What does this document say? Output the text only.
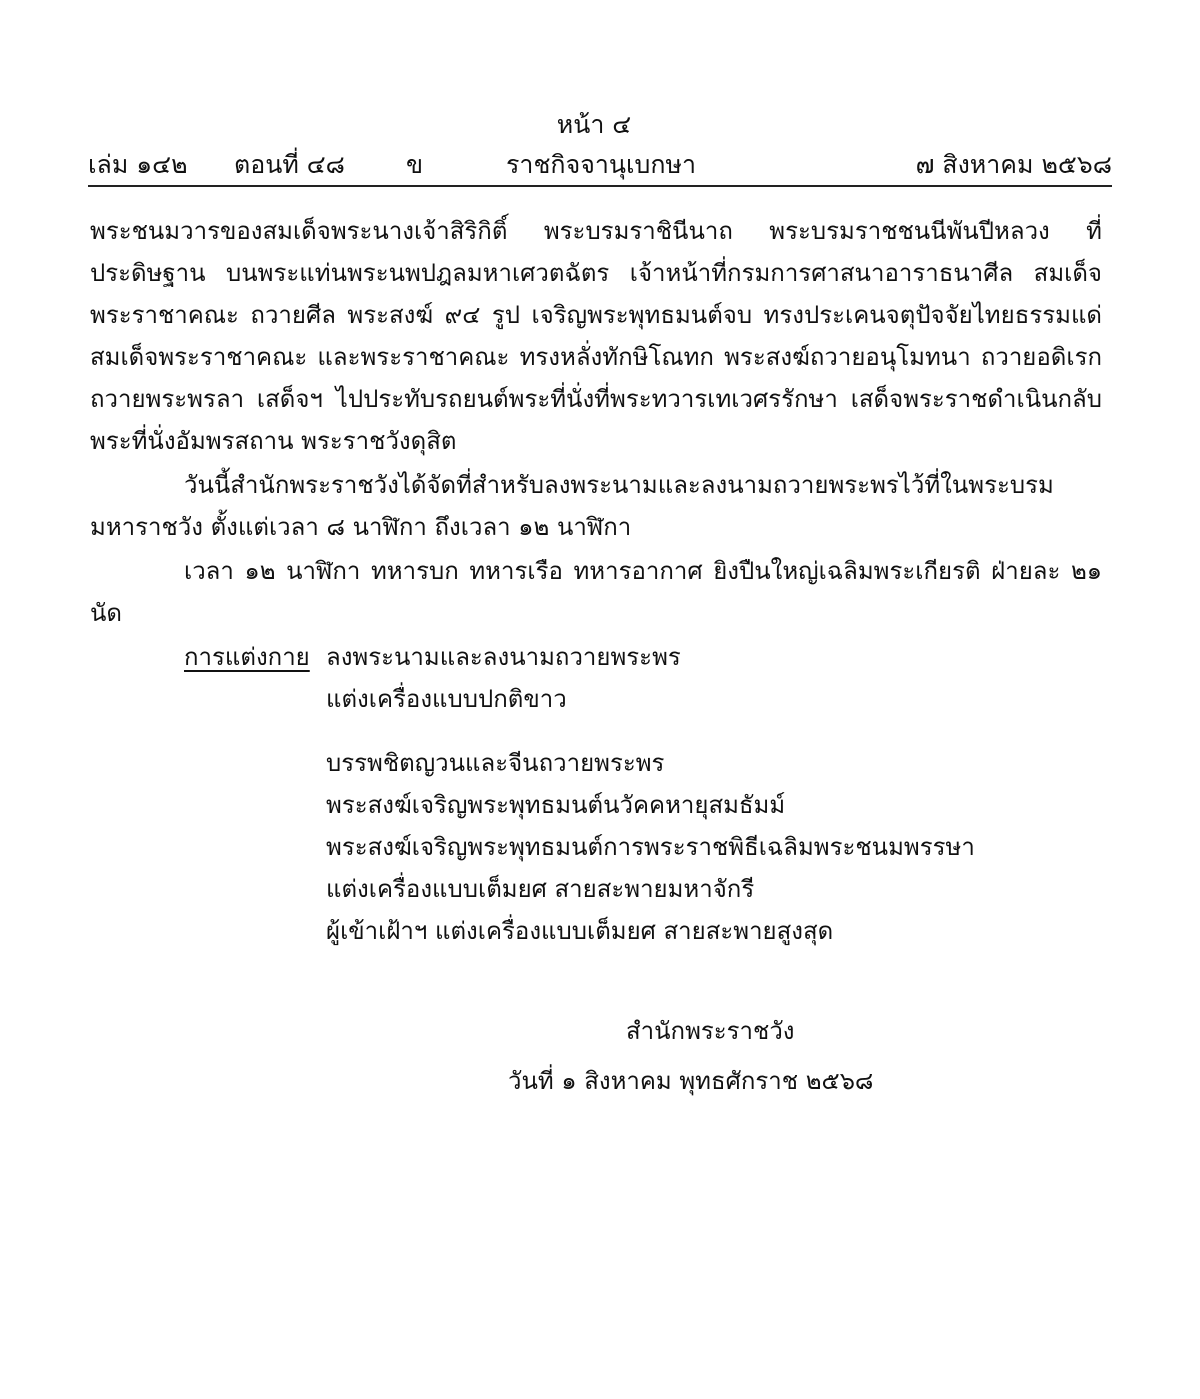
หน้า ๔
เล่ม ๑๔๒ ตอนที่ ๔๘ ข	ราชกิจจานุเบกษา	๗ สิงหาคม ๒๕๖๘

พระชนมวารของสมเด็จพระนางเจ้าสิริกิติ์ พระบรมราชินีนาถ พระบรมราชชนนีพันปีหลวง ที่ประดิษฐาน บนพระแท่นพระนพปฎลมหาเศวตฉัตร เจ้าหน้าที่กรมการศาสนาอาราธนาศีล สมเด็จพระราชาคณะ ถวายศีล พระสงฆ์ ๙๔ รูป เจริญพระพุทธมนต์จบ ทรงประเคนจตุปัจจัยไทยธรรมแด่สมเด็จพระราชาคณะ และพระราชาคณะ ทรงหลั่งทักษิโณทก พระสงฆ์ถวายอนุโมทนา ถวายอดิเรก ถวายพระพรลา เสด็จฯ ไปประทับรถยนต์พระที่นั่งที่พระทวารเทเวศรรักษา เสด็จพระราชดำเนินกลับพระที่นั่งอัมพรสถาน พระราชวังดุสิต

วันนี้สำนักพระราชวังได้จัดที่สำหรับลงพระนามและลงนามถวายพระพรไว้ที่ในพระบรมมหาราชวัง ตั้งแต่เวลา ๘ นาฬิกา ถึงเวลา ๑๒ นาฬิกา

เวลา ๑๒ นาฬิกา ทหารบก ทหารเรือ ทหารอากาศ ยิงปืนใหญ่เฉลิมพระเกียรติ ฝ่ายละ ๒๑ นัด

การแต่งกาย ลงพระนามและลงนามถวายพระพร
แต่งเครื่องแบบปกติขาว
บรรพชิตญวนและจีนถวายพระพร
พระสงฆ์เจริญพระพุทธมนต์นวัคคหายุสมธัมม์
พระสงฆ์เจริญพระพุทธมนต์การพระราชพิธีเฉลิมพระชนมพรรษา
แต่งเครื่องแบบเต็มยศ สายสะพายมหาจักรี
ผู้เข้าเฝ้าฯ แต่งเครื่องแบบเต็มยศ สายสะพายสูงสุด
สำนักพระราชวัง
วันที่ ๑ สิงหาคม พุทธศักราช ๒๕๖๘
